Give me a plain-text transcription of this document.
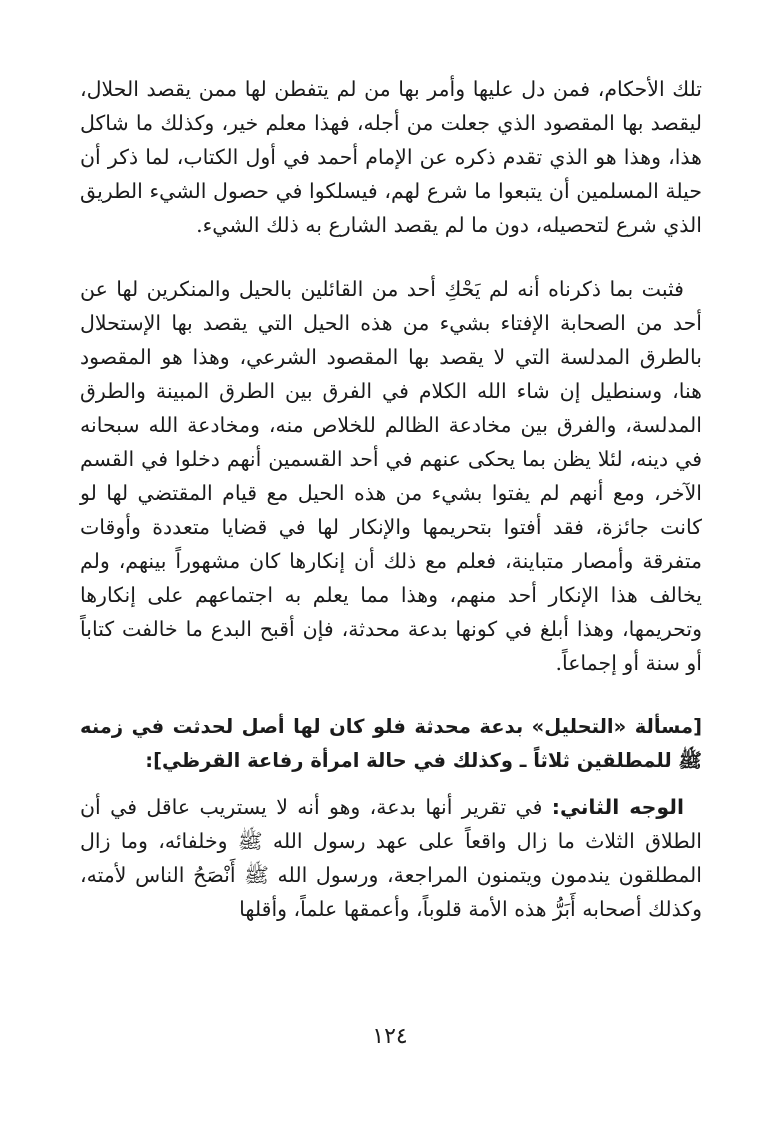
تلك الأحكام، فمن دل عليها وأمر بها من لم يتفطن لها ممن يقصد الحلال، ليقصد بها المقصود الذي جعلت من أجله، فهذا معلم خير، وكذلك ما شاكل هذا، وهذا هو الذي تقدم ذكره عن الإمام أحمد في أول الكتاب، لما ذكر أن حيلة المسلمين أن يتبعوا ما شرع لهم، فيسلكوا في حصول الشيء الطريق الذي شرع لتحصيله، دون ما لم يقصد الشارع به ذلك الشيء.

فثبت بما ذكرناه أنه لم يَحْكِ أحد من القائلين بالحيل والمنكرين لها عن أحد من الصحابة الإفتاء بشيء من هذه الحيل التي يقصد بها الإستحلال بالطرق المدلسة التي لا يقصد بها المقصود الشرعي، وهذا هو المقصود هنا، وسنطيل إن شاء الله الكلام في الفرق بين الطرق المبينة والطرق المدلسة، والفرق بين مخادعة الظالم للخلاص منه، ومخادعة الله سبحانه في دينه، لئلا يظن بما يحكى عنهم في أحد القسمين أنهم دخلوا في القسم الآخر، ومع أنهم لم يفتوا بشيء من هذه الحيل مع قيام المقتضي لها لو كانت جائزة، فقد أفتوا بتحريمها والإنكار لها في قضايا متعددة وأوقات متفرقة وأمصار متباينة، فعلم مع ذلك أن إنكارها كان مشهوراً بينهم، ولم يخالف هذا الإنكار أحد منهم، وهذا مما يعلم به اجتماعهم على إنكارها وتحريمها، وهذا أبلغ في كونها بدعة محدثة، فإن أقبح البدع ما خالفت كتاباً أو سنة أو إجماعاً.

[مسألة «التحليل» بدعة محدثة فلو كان لها أصل لحدثت في زمنه ﷺ للمطلقين ثلاثاً ـ وكذلك في حالة امرأة رفاعة القرظي]:

الوجه الثاني: في تقرير أنها بدعة، وهو أنه لا يستريب عاقل في أن الطلاق الثلاث ما زال واقعاً على عهد رسول الله ﷺ وخلفائه، وما زال المطلقون يندمون ويتمنون المراجعة، ورسول الله ﷺ أَنْصَحُ الناس لأمته، وكذلك أصحابه أَبَرُّ هذه الأمة قلوباً، وأعمقها علماً، وأقلها

١٢٤
